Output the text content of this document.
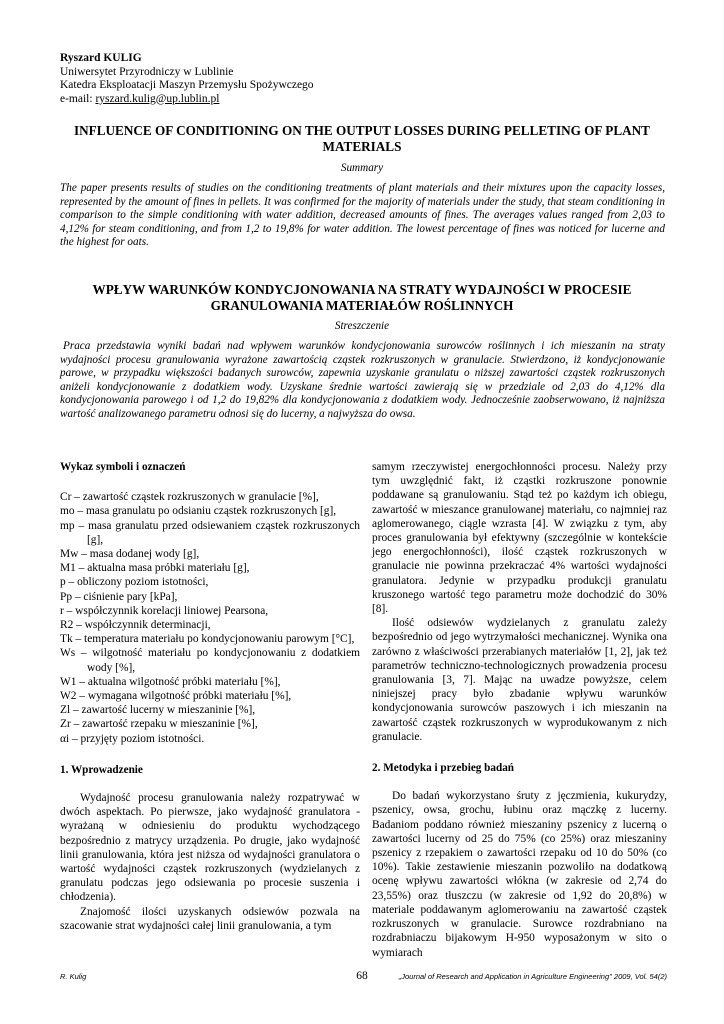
Ryszard KULIG
Uniwersytet Przyrodniczy w Lublinie
Katedra Eksploatacji Maszyn Przemysłu Spożywczego
e-mail: ryszard.kulig@up.lublin.pl
INFLUENCE OF CONDITIONING ON THE OUTPUT LOSSES DURING PELLETING OF PLANT MATERIALS
Summary

The paper presents results of studies on the conditioning treatments of plant materials and their mixtures upon the capacity losses, represented by the amount of fines in pellets. It was confirmed for the majority of materials under the study, that steam conditioning in comparison to the simple conditioning with water addition, decreased amounts of fines. The averages values ranged from 2,03 to 4,12% for steam conditioning, and from 1,2 to 19,8% for water addition. The lowest percentage of fines was noticed for lucerne and the highest for oats.

WPŁYW WARUNKÓW KONDYCJONOWANIA NA STRATY WYDAJNOŚCI W PROCESIE GRANULOWANIA MATERIAŁÓW ROŚLINNYCH
Streszczenie

Praca przedstawia wyniki badań nad wpływem warunków kondycjonowania surowców roślinnych i ich mieszanin na straty wydajności procesu granulowania wyrażone zawartością cząstek rozkruszonych w granulacie. Stwierdzono, iż kondycjonowanie parowe, w przypadku większości badanych surowców, zapewnia uzyskanie granulatu o niższej zawartości cząstek rozkruszonych aniżeli kondycjonowanie z dodatkiem wody. Uzyskane średnie wartości zawierają się w przedziale od 2,03 do 4,12% dla kondycjonowania parowego i od 1,2 do 19,82% dla kondycjonowania z dodatkiem wody. Jednocześnie zaobserwowano, iż najniższa wartość analizowanego parametru odnosi się do lucerny, a najwyższa do owsa.

Wykaz symboli i oznaczeń
Cr – zawartość cząstek rozkruszonych w granulacie [%],
mo – masa granulatu po odsianiu cząstek rozkruszonych [g],
mp – masa granulatu przed odsiewaniem cząstek rozkruszonych [g],
Mw – masa dodanej wody [g],
M1 – aktualna masa próbki materiału [g],
p – obliczony poziom istotności,
Pp – ciśnienie pary [kPa],
r – współczynnik korelacji liniowej Pearsona,
R2 – współczynnik determinacji,
Tk – temperatura materiału po kondycjonowaniu parowym [°C],
Ws – wilgotność materiału po kondycjonowaniu z dodatkiem wody [%],
W1 – aktualna wilgotność próbki materiału [%],
W2 – wymagana wilgotność próbki materiału [%],
Zl – zawartość lucerny w mieszaninie [%],
Zr – zawartość rzepaku w mieszaninie [%],
αi – przyjęty poziom istotności.
1. Wprowadzenie

Wydajność procesu granulowania należy rozpatrywać w dwóch aspektach. Po pierwsze, jako wydajność granulatora - wyrażaną w odniesieniu do produktu wychodzącego bezpośrednio z matrycy urządzenia. Po drugie, jako wydajność linii granulowania, która jest niższa od wydajności granulatora o wartość wydajności cząstek rozkruszonych (wydzielanych z granulatu podczas jego odsiewania po procesie suszenia i chłodzenia).

Znajomość ilości uzyskanych odsiewów pozwala na szacowanie strat wydajności całej linii granulowania, a tym

samym rzeczywistej energochłonności procesu. Należy przy tym uwzględnić fakt, iż cząstki rozkruszone ponownie poddawane są granulowaniu. Stąd też po każdym ich obiegu, zawartość w mieszance granulowanej materiału, co najmniej raz aglomerowanego, ciągle wzrasta [4]. W związku z tym, aby proces granulowania był efektywny (szczególnie w kontekście jego energochłonności), ilość cząstek rozkruszonych w granulacie nie powinna przekraczać 4% wartości wydajności granulatora. Jedynie w przypadku produkcji granulatu kruszonego wartość tego parametru może dochodzić do 30% [8].

Ilość odsiewów wydzielanych z granulatu zależy bezpośrednio od jego wytrzymałości mechanicznej. Wynika ona zarówno z właściwości przerabianych materiałów [1, 2], jak też parametrów techniczno-technologicznych prowadzenia procesu granulowania [3, 7]. Mając na uwadze powyższe, celem niniejszej pracy było zbadanie wpływu warunków kondycjonowania surowców paszowych i ich mieszanin na zawartość cząstek rozkruszonych w wyprodukowanym z nich granulacie.

2. Metodyka i przebieg badań

Do badań wykorzystano śruty z jęczmienia, kukurydzy, pszenicy, owsa, grochu, łubinu oraz mączkę z lucerny. Badaniom poddano również mieszaniny pszenicy z lucerną o zawartości lucerny od 25 do 75% (co 25%) oraz mieszaniny pszenicy z rzepakiem o zawartości rzepaku od 10 do 50% (co 10%). Takie zestawienie mieszanin pozwoliło na dodatkową ocenę wpływu zawartości włókna (w zakresie od 2,74 do 23,55%) oraz tłuszczu (w zakresie od 1,92 do 20,8%) w materiale poddawanym aglomerowaniu na zawartość cząstek rozkruszonych w granulacie. Surowce rozdrabniano na rozdrabniaczu bijakowym H-950 wyposażonym w sito o wymiarach

R. Kulig	68	„Journal of Research and Application in Agriculture Engineering" 2009, Vol. 54(2)
